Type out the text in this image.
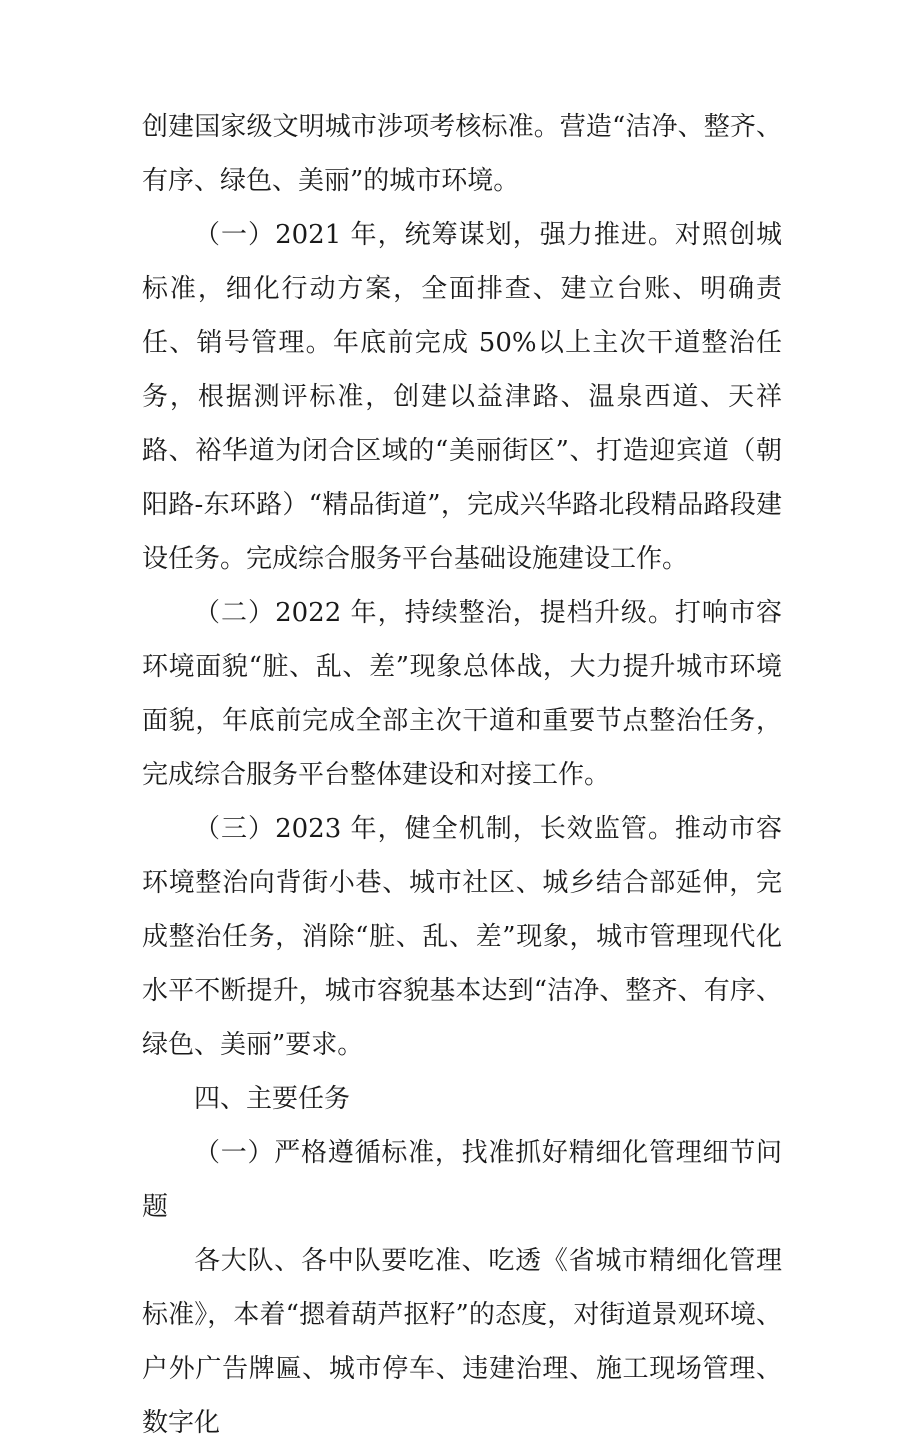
创建国家级文明城市涉项考核标准。营造“洁净、整齐、有序、绿色、美丽”的城市环境。

（一）2021 年，统筹谋划，强力推进。对照创城标准，细化行动方案，全面排查、建立台账、明确责任、销号管理。年底前完成 50%以上主次干道整治任务，根据测评标准，创建以益津路、温泉西道、天祥路、裕华道为闭合区域的“美丽街区”、打造迎宾道（朝阳路-东环路）“精品街道”，完成兴华路北段精品路段建设任务。完成综合服务平台基础设施建设工作。

（二）2022 年，持续整治，提档升级。打响市容环境面貌“脏、乱、差”现象总体战，大力提升城市环境面貌，年底前完成全部主次干道和重要节点整治任务，完成综合服务平台整体建设和对接工作。

（三）2023 年，健全机制，长效监管。推动市容环境整治向背街小巷、城市社区、城乡结合部延伸，完成整治任务，消除“脏、乱、差”现象，城市管理现代化水平不断提升，城市容貌基本达到“洁净、整齐、有序、绿色、美丽”要求。

四、主要任务

（一）严格遵循标准，找准抓好精细化管理细节问题

各大队、各中队要吃准、吃透《省城市精细化管理标准》，本着“摁着葫芦抠籽”的态度，对街道景观环境、户外广告牌匾、城市停车、违建治理、施工现场管理、数字化
